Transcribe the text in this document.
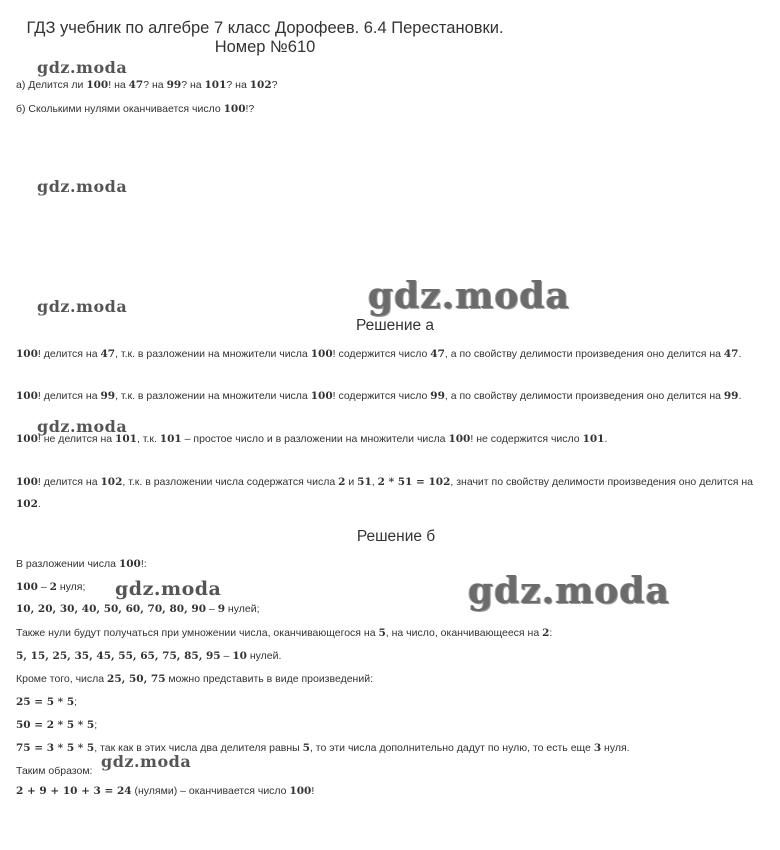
ГДЗ учебник по алгебре 7 класс Дорофеев. 6.4 Перестановки.
Номер №610
gdz.moda
а) Делится ли 100! на 47? на 99? на 101? на 102?
б) Сколькими нулями оканчивается число 100!?
gdz.moda
gdz.moda	gdz.moda
Решение а
100! делится на 47, т.к. в разложении на множители числа 100! содержится число 47, а по свойству делимости произведения оно делится на 47.
100! делится на 99, т.к. в разложении на множители числа 100! содержится число 99, а по свойству делимости произведения оно делится на 99.
gdz.moda
100! не делится на 101, т.к. 101 – простое число и в разложении на множители числа 100! не содержится число 101.
100! делится на 102, т.к. в разложении числа содержатся числа 2 и 51, 2 * 51 = 102, значит по свойству делимости произведения оно делится на
102.
Решение б
В разложении числа 100!:
100 – 2 нуля;	gdz.moda	gdz.moda
10, 20, 30, 40, 50, 60, 70, 80, 90 – 9 нулей;
Также нули будут получаться при умножении числа, оканчивающегося на 5, на число, оканчивающееся на 2:
5, 15, 25, 35, 45, 55, 65, 75, 85, 95 – 10 нулей.
Кроме того, числа 25, 50, 75 можно представить в виде произведений:
25 = 5 * 5;
50 = 2 * 5 * 5;
75 = 3 * 5 * 5, так как в этих числа два делителя равны 5, то эти числа дополнительно дадут по нулю, то есть еще 3 нуля.
Таким образом: gdz.moda
2 + 9 + 10 + 3 = 24 (нулями) – оканчивается число 100!
